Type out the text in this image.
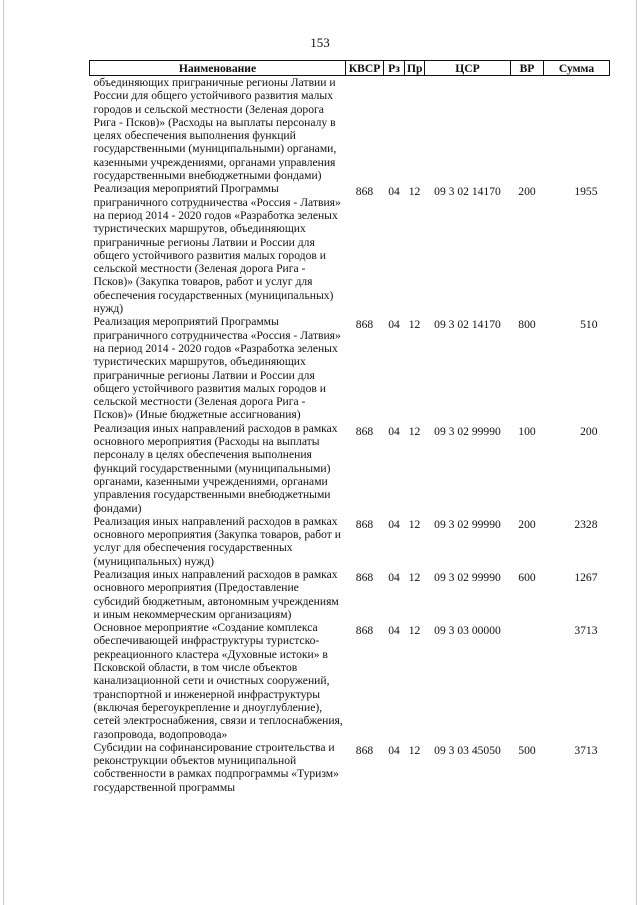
153
Наименование	КВСР	Рз	Пр	ЦСР	ВР	Сумма
объединяющих приграничные регионы Латвии и России для общего устойчивого развития малых городов и сельской местности (Зеленая дорога Рига - Псков)» (Расходы на выплаты персоналу в целях обеспечения выполнения функций государственными (муниципальными) органами, казенными учреждениями, органами управления государственными внебюджетными фондами)						
Реализация мероприятий Программы приграничного сотрудничества «Россия - Латвия» на период 2014 - 2020 годов «Разработка зеленых туристических маршрутов, объединяющих приграничные регионы Латвии и России для общего устойчивого развития малых городов и сельской местности (Зеленая дорога Рига - Псков)» (Закупка товаров, работ и услуг для обеспечения государственных (муниципальных) нужд)	868	04	12	09 3 02 14170	200	1955
Реализация мероприятий Программы приграничного сотрудничества «Россия - Латвия» на период 2014 - 2020 годов «Разработка зеленых туристических маршрутов, объединяющих приграничные регионы Латвии и России для общего устойчивого развития малых городов и сельской местности (Зеленая дорога Рига - Псков)» (Иные бюджетные ассигнования)	868	04	12	09 3 02 14170	800	510
Реализация иных направлений расходов в рамках основного мероприятия (Расходы на выплаты персоналу в целях обеспечения выполнения функций государственными (муниципальными) органами, казенными учреждениями, органами управления государственными внебюджетными фондами)	868	04	12	09 3 02 99990	100	200
Реализация иных направлений расходов в рамках основного мероприятия (Закупка товаров, работ и услуг для обеспечения государственных (муниципальных) нужд)	868	04	12	09 3 02 99990	200	2328
Реализация иных направлений расходов в рамках основного мероприятия (Предоставление субсидий бюджетным, автономным учреждениям и иным некоммерческим организациям)	868	04	12	09 3 02 99990	600	1267
Основное мероприятие «Создание комплекса обеспечивающей инфраструктуры туристско-рекреационного кластера «Духовные истоки» в Псковской области, в том числе объектов канализационной сети и очистных сооружений, транспортной и инженерной инфраструктуры (включая берегоукрепление и дноуглубление), сетей электроснабжения, связи и теплоснабжения, газопровода, водопровода»	868	04	12	09 3 03 00000		3713
Субсидии на софинансирование строительства и реконструкции объектов муниципальной собственности в рамках подпрограммы «Туризм» государственной программы	868	04	12	09 3 03 45050	500	3713
